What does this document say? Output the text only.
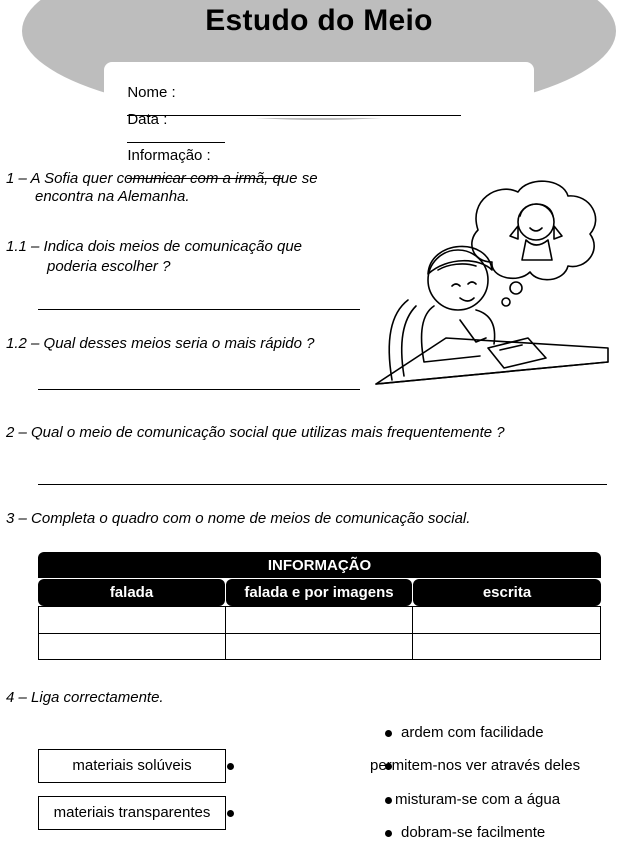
Estudo do Meio

Nome :

Data :

Informação :

1 – A Sofia quer comunicar com a irmã, que se
encontra na Alemanha.
1.1 – Indica dois meios de comunicação que
poderia escolher ?
1.2 – Qual desses meios seria o mais rápido ?
2 – Qual o meio de comunicação social que utilizas mais frequentemente ?
3 – Completa o quadro com o nome de meios de comunicação social.
INFORMAÇÃO
falada	falada e por imagens	escrita
4 – Liga correctamente.
materiais solúveis
materiais transparentes
ardem com facilidade
permitem-nos ver através deles
misturam-se com a água
dobram-se facilmente
